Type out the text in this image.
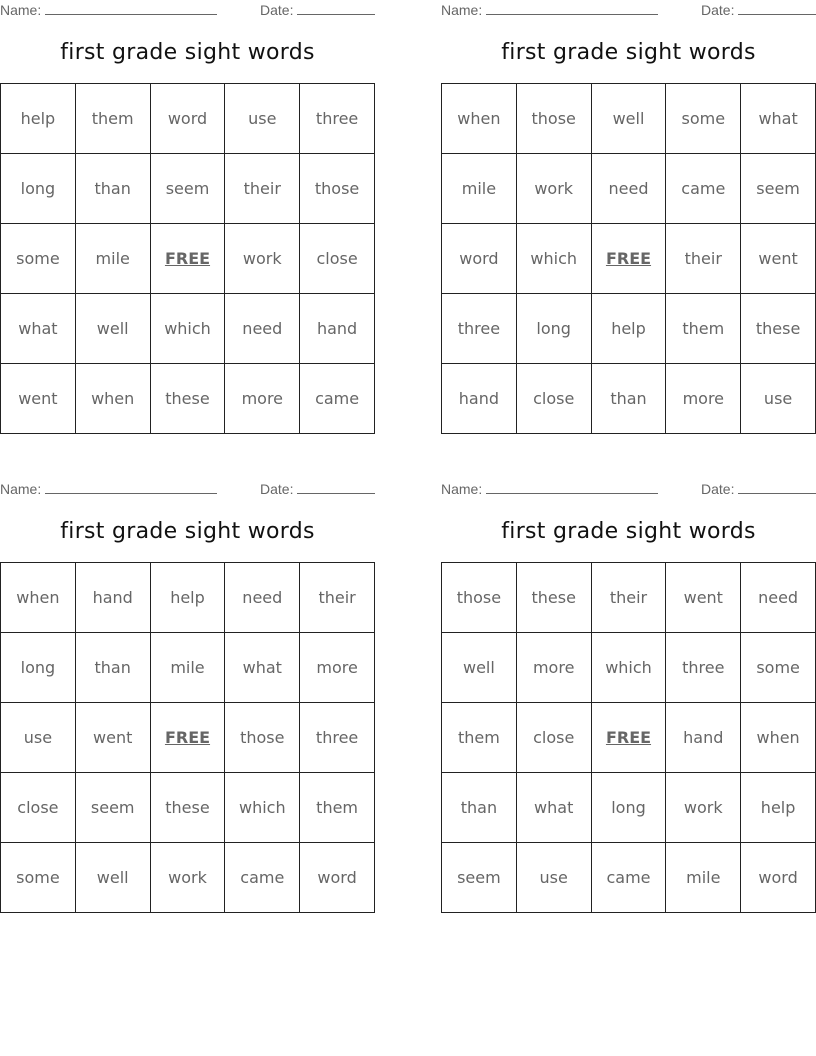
Name:	Date:
first grade sight words
help	them	word	use	three
long	than	seem	their	those
some	mile	FREE	work	close
what	well	which	need	hand
went	when	these	more	came
Name:	Date:
first grade sight words
when	those	well	some	what
mile	work	need	came	seem
word	which	FREE	their	went
three	long	help	them	these
hand	close	than	more	use
Name:	Date:
first grade sight words
when	hand	help	need	their
long	than	mile	what	more
use	went	FREE	those	three
close	seem	these	which	them
some	well	work	came	word
Name:	Date:
first grade sight words
those	these	their	went	need
well	more	which	three	some
them	close	FREE	hand	when
than	what	long	work	help
seem	use	came	mile	word
